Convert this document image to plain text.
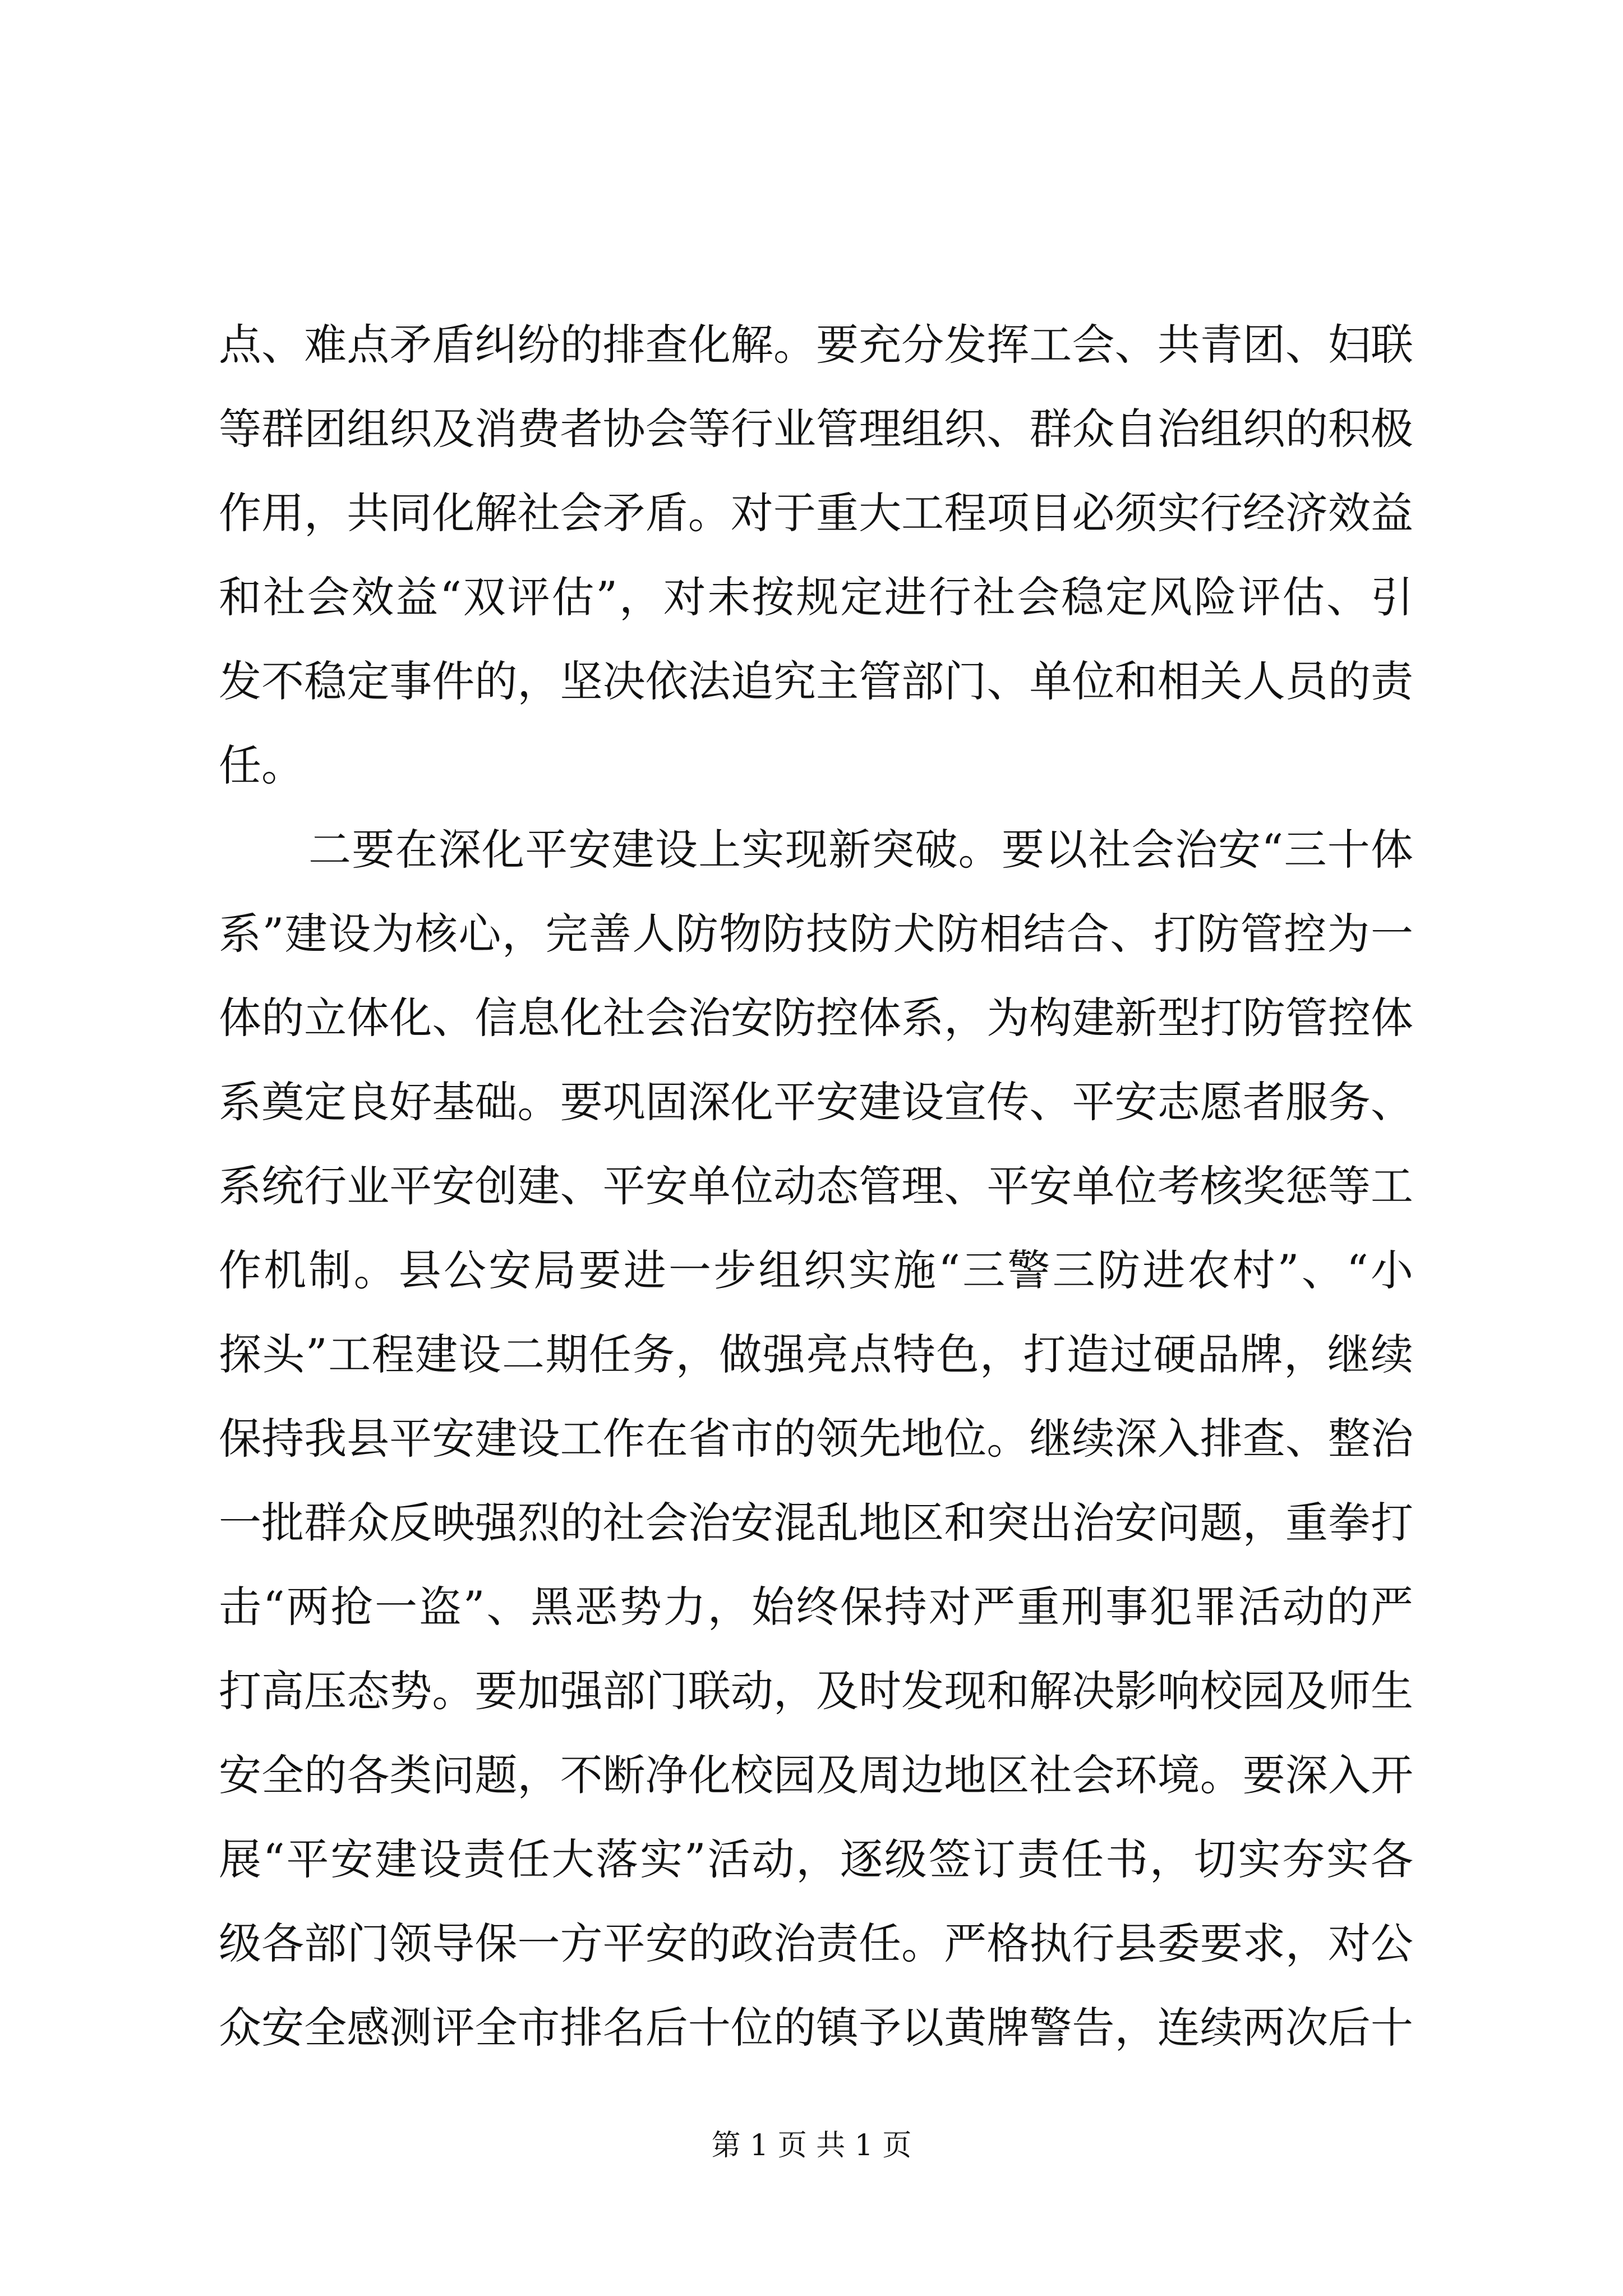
点、难点矛盾纠纷的排查化解。要充分发挥工会、共青团、妇联
等群团组织及消费者协会等行业管理组织、群众自治组织的积极
作用，共同化解社会矛盾。对于重大工程项目必须实行经济效益
和社会效益“双评估”，对未按规定进行社会稳定风险评估、引
发不稳定事件的，坚决依法追究主管部门、单位和相关人员的责
任。
二要在深化平安建设上实现新突破。要以社会治安“三十体
系”建设为核心，完善人防物防技防犬防相结合、打防管控为一
体的立体化、信息化社会治安防控体系，为构建新型打防管控体
系奠定良好基础。要巩固深化平安建设宣传、平安志愿者服务、
系统行业平安创建、平安单位动态管理、平安单位考核奖惩等工
作机制。县公安局要进一步组织实施“三警三防进农村”、“小
探头”工程建设二期任务，做强亮点特色，打造过硬品牌，继续
保持我县平安建设工作在省市的领先地位。继续深入排查、整治
一批群众反映强烈的社会治安混乱地区和突出治安问题，重拳打
击“两抢一盗”、黑恶势力，始终保持对严重刑事犯罪活动的严
打高压态势。要加强部门联动，及时发现和解决影响校园及师生
安全的各类问题，不断净化校园及周边地区社会环境。要深入开
展“平安建设责任大落实”活动，逐级签订责任书，切实夯实各
级各部门领导保一方平安的政治责任。严格执行县委要求，对公
众安全感测评全市排名后十位的镇予以黄牌警告，连续两次后十
第 1 页 共 1 页
